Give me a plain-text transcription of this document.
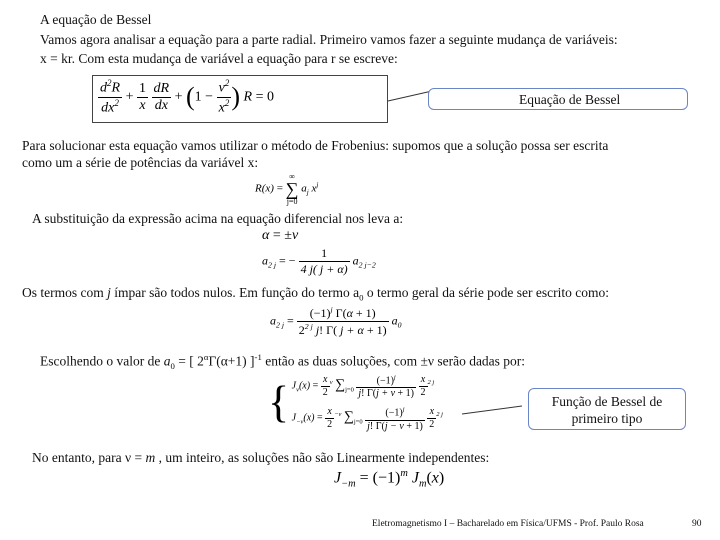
A equação de Bessel
Vamos agora analisar a equação para a parte radial. Primeiro vamos fazer a seguinte mudança de variáveis:
x = kr. Com esta mudança de variável a equação para r se escreve:
$\frac{d^2R}{dx^2} + \frac{1}{x}$
$\frac{dR}{dx} + (1 - \frac{\nu^2}{x^2}$ ) R = 0	Equação de Bessel
Para solucionar esta equação vamos utilizar o método de Frobenius: supomos que a solução possa ser escrita
como um a série de potências da variável x:
R(x) =
∞
∑
j=0
$a_j$ $x^j$
A substituição da expressão acima na equação diferencial nos leva a:
α = ±ν
$a_{2 j}$ = − $\frac{1}{4 j( j + \alpha)} a_{2 j-2}$
Os termos com j ímpar são todos nulos. Em função do termo $a_0$ o termo geral da série pode ser escrito como:
$a_{2 j} = \frac{(-1)^j \Gamma(\alpha + 1)}{2^{2 j} j! \Gamma( j + \alpha + 1)} a_0$
Escolhendo o valor de $a_0$ = [ $2^\alpha\Gamma(\alpha+1)$ ]$^{-1}$ então as duas soluções, com ±ν serão dadas por:
{ $J_\nu(x) = \frac{x}{2} ^\nu$ $\sum_{j=0} \frac{(-1)^j}{j! \Gamma(j + \nu + 1)}$
$\frac{x}{2} ^{2 j}$
$J_{-\nu}(x) = \frac{x}{2} ^{-\nu}$ $\sum_{j=0} \frac{(-1)^j}{j! \Gamma(j - \nu + 1)}$
$\frac{x}{2} ^{2 j}$
Função de Bessel de
primeiro tipo
No entanto, para ν = m , um inteiro, as soluções não são Linearmente independentes:
$J_{-m} = (-1)^m$ $J_m(x)$
Eletromagnetismo I – Bacharelado em Física/UFMS - Prof. Paulo Rosa	90
